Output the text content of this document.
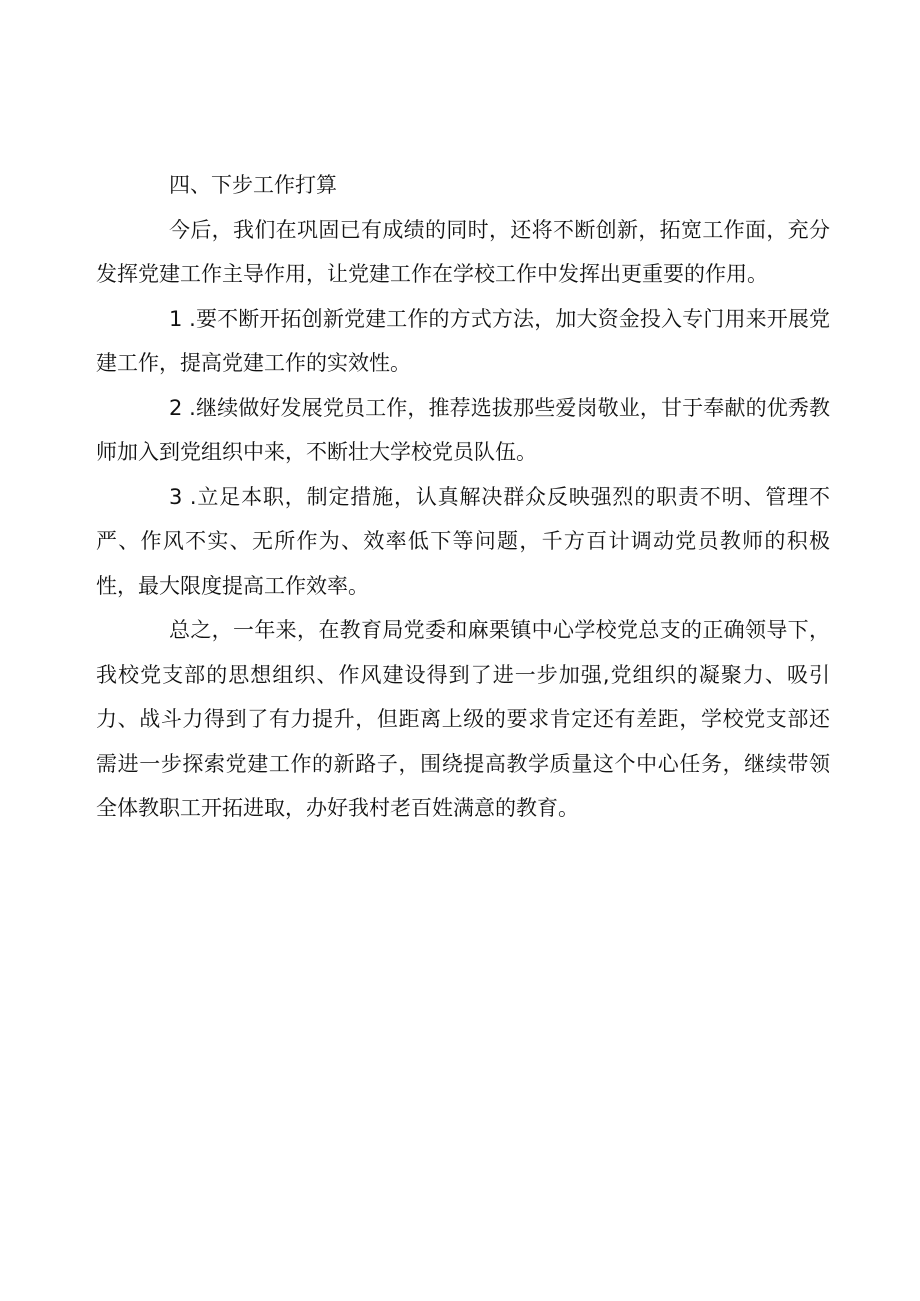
四、下步工作打算

今后，我们在巩固已有成绩的同时，还将不断创新，拓宽工作面，充分发挥党建工作主导作用，让党建工作在学校工作中发挥出更重要的作用。

1 .要不断开拓创新党建工作的方式方法，加大资金投入专门用来开展党建工作，提高党建工作的实效性。

2 .继续做好发展党员工作，推荐选拔那些爱岗敬业，甘于奉献的优秀教师加入到党组织中来，不断壮大学校党员队伍。

3 .立足本职，制定措施，认真解决群众反映强烈的职责不明、管理不严、作风不实、无所作为、效率低下等问题，千方百计调动党员教师的积极性，最大限度提高工作效率。

总之，一年来，在教育局党委和麻栗镇中心学校党总支的正确领导下，我校党支部的思想组织、作风建设得到了进一步加强,党组织的凝聚力、吸引力、战斗力得到了有力提升，但距离上级的要求肯定还有差距，学校党支部还需进一步探索党建工作的新路子，围绕提高教学质量这个中心任务，继续带领全体教职工开拓进取，办好我村老百姓满意的教育。
